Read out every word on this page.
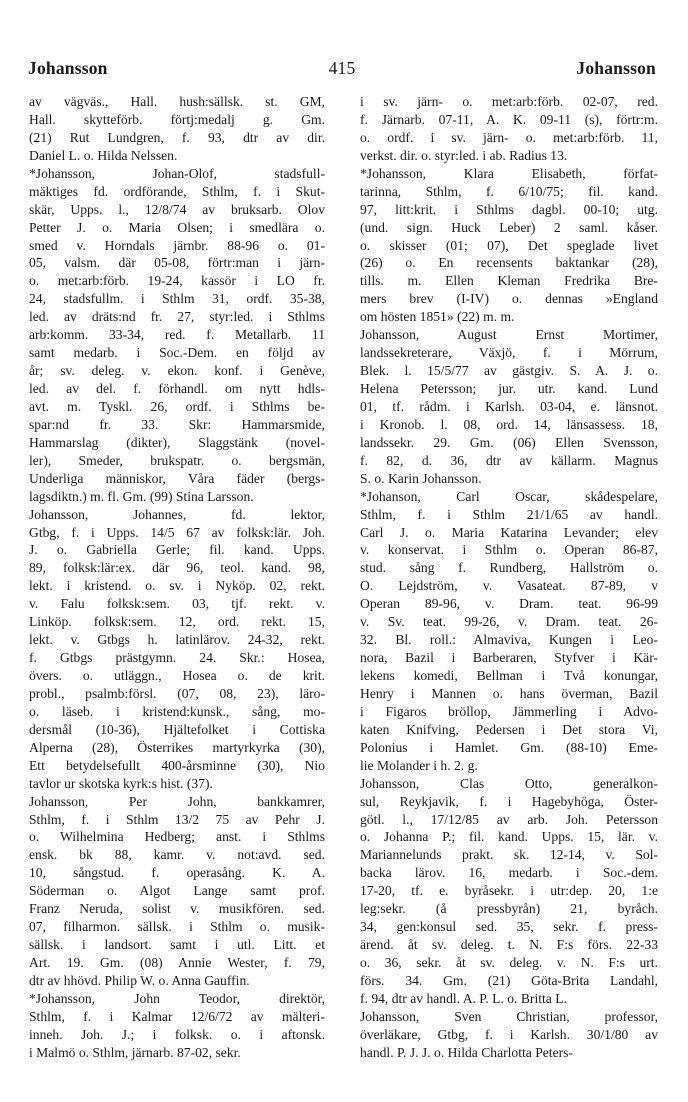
Johansson	415	Johansson
av vägväs., Hall. hush:sällsk. st. GM,
Hall. skytteförb. förtj:medalj g. Gm.
(21) Rut Lundgren, f. 93, dtr av dir.
Daniel L. o. Hilda Nelssen.
*Johansson, Johan-Olof, stadsfull-
mäktiges fd. ordförande, Sthlm, f. i Skut-
skär, Upps. l., 12/8/74 av bruksarb. Olov
Petter J. o. Maria Olsen; i smedlära o.
smed v. Horndals järnbr. 88-96 o. 01-
05, valsm. där 05-08, förtr:man i järn-
o. met:arb:förb. 19-24, kassör i LO fr.
24, stadsfullm. i Sthlm 31, ordf. 35-38,
led. av dräts:nd fr. 27, styr:led. i Sthlms
arb:komm. 33-34, red. f. Metallarb. 11
samt medarb. i Soc.-Dem. en följd av
år; sv. deleg. v. ekon. konf. i Genève,
led. av del. f. förhandl. om nytt hdls-
avt. m. Tyskl. 26, ordf. i Sthlms be-
spar:nd fr. 33. Skr: Hammarsmide,
Hammarslag (dikter), Slaggstänk (novel-
ler), Smeder, brukspatr. o. bergsmän,
Underliga människor, Våra fäder (bergs-
lagsdiktn.) m. fl. Gm. (99) Stina Larsson.
Johansson, Johannes, fd. lektor,
Gtbg, f. i Upps. 14/5 67 av folksk:lär. Joh.
J. o. Gabriella Gerle; fil. kand. Upps.
89, folksk:lär:ex. där 96, teol. kand. 98,
lekt. i kristend. o. sv. i Nyköp. 02, rekt.
v. Falu folksk:sem. 03, tjf. rekt. v.
Linköp. folksk:sem. 12, ord. rekt. 15,
lekt. v. Gtbgs h. latinlärov. 24-32, rekt.
f. Gtbgs prästgymn. 24. Skr.: Hosea,
övers. o. utläggn., Hosea o. de krit.
probl., psalmb:försl. (07, 08, 23), läro-
o. läseb. i kristend:kunsk., sång, mo-
dersmål (10-36), Hjältefolket i Cottiska
Alperna (28), Österrikes martyrkyrka (30),
Ett betydelsefullt 400-årsminne (30), Nio
tavlor ur skotska kyrk:s hist. (37).
Johansson, Per John, bankkamrer,
Sthlm, f. i Sthlm 13/2 75 av Pehr J.
o. Wilhelmina Hedberg; anst. i Sthlms
ensk. bk 88, kamr. v. not:avd. sed.
10, sångstud. f. operasång. K. A.
Söderman o. Algot Lange samt prof.
Franz Neruda, solist v. musikfören. sed.
07, filharmon. sällsk. i Sthlm o. musik-
sällsk. i landsort. samt i utl. Litt. et
Art. 19. Gm. (08) Annie Wester, f. 79,
dtr av hhövd. Philip W. o. Anna Gauffin.
*Johansson, John Teodor, direktör,
Sthlm, f. i Kalmar 12/6/72 av mälteri-
inneh. Joh. J.; i folksk. o. i aftonsk.
i Malmö o. Sthlm, järnarb. 87-02, sekr.
i sv. järn- o. met:arb:förb. 02-07, red.
f. Järnarb. 07-11, A. K. 09-11 (s), förtr:m.
o. ordf. i sv. järn- o. met:arb:förb. 11,
verkst. dir. o. styr:led. i ab. Radius 13.
*Johansson, Klara Elisabeth, förfat-
tarinna, Sthlm, f. 6/10/75; fil. kand.
97, litt:krit. i Sthlms dagbl. 00-10; utg.
(und. sign. Huck Leber) 2 saml. kåser.
o. skisser (01; 07), Det speglade livet
(26) o. En recensents baktankar (28),
tills. m. Ellen Kleman Fredrika Bre-
mers brev (I-IV) o. dennas »England
om hösten 1851» (22) m. m.
Johansson, August Ernst Mortimer,
landssekreterare, Växjö, f. i Mörrum,
Blek. l. 15/5/77 av gästgiv. S. A. J. o.
Helena Petersson; jur. utr. kand. Lund
01, tf. rådm. i Karlsh. 03-04, e. länsnot.
i Kronob. l. 08, ord. 14, länsassess. 18,
landssekr. 29. Gm. (06) Ellen Svensson,
f. 82, d. 36, dtr av källarm. Magnus
S. o. Karin Johansson.
*Johanson, Carl Oscar, skådespelare,
Sthlm, f. i Sthlm 21/1/65 av handl.
Carl J. o. Maria Katarina Levander; elev
v. konservat. i Sthlm o. Operan 86-87,
stud. sång f. Rundberg, Hallström o.
O. Lejdström, v. Vasateat. 87-89, v
Operan 89-96, v. Dram. teat. 96-99
v. Sv. teat. 99-26, v. Dram. teat. 26-
32. Bl. roll.: Almaviva, Kungen i Leo-
nora, Bazil i Barberaren, Styfver i Kär-
lekens komedi, Bellman i Två konungar,
Henry i Mannen o. hans överman, Bazil
i Figaros bröllop, Jämmerling i Advo-
katen Knifving, Pedersen i Det stora Vi,
Polonius i Hamlet. Gm. (88-10) Eme-
lie Molander i h. 2. g.
Johansson, Clas Otto, generalkon-
sul, Reykjavik, f. i Hagebyhöga, Öster-
götl. l., 17/12/85 av arb. Joh. Petersson
o. Johanna P.; fil. kand. Upps. 15, lär. v.
Mariannelunds prakt. sk. 12-14, v. Sol-
backa lärov. 16, medarb. i Soc.-dem.
17-20, tf. e. byråsekr. i utr:dep. 20, 1:e
leg:sekr. (å pressbyrån) 21, byråch.
34, gen:konsul sed. 35, sekr. f. press-
ärend. åt sv. deleg. t. N. F:s förs. 22-33
o. 36, sekr. åt sv. deleg. v. N. F:s urt.
förs. 34. Gm. (21) Göta-Brita Landahl,
f. 94, dtr av handl. A. P. L. o. Britta L.
Johansson, Sven Christian, professor,
överläkare, Gtbg, f. i Karlsh. 30/1/80 av
handl. P. J. J. o. Hilda Charlotta Peters-
